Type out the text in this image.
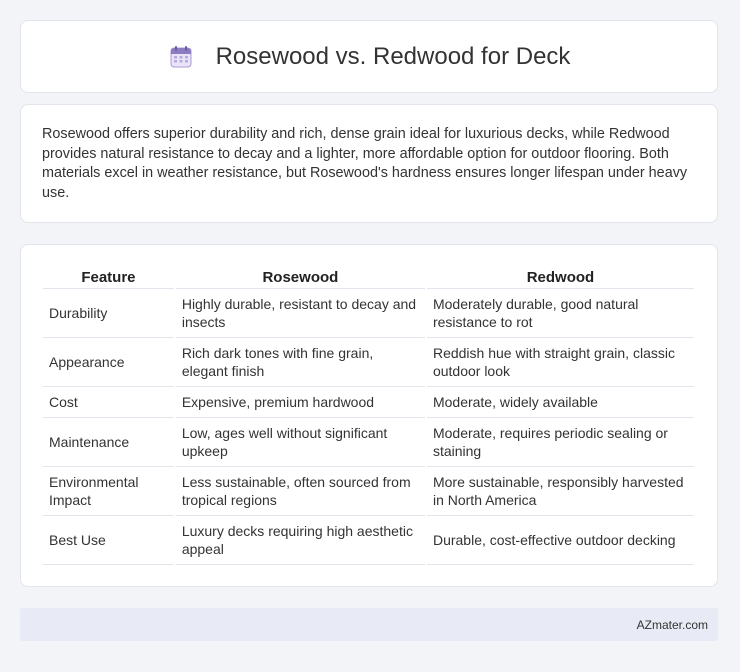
Rosewood vs. Redwood for Deck

Rosewood offers superior durability and rich, dense grain ideal for luxurious decks, while Redwood provides natural resistance to decay and a lighter, more affordable option for outdoor flooring. Both materials excel in weather resistance, but Rosewood's hardness ensures longer lifespan under heavy use.

Feature	Rosewood	Redwood
Durability	Highly durable, resistant to decay and insects	Moderately durable, good natural resistance to rot
Appearance	Rich dark tones with fine grain, elegant finish	Reddish hue with straight grain, classic outdoor look
Cost	Expensive, premium hardwood	Moderate, widely available
Maintenance	Low, ages well without significant upkeep	Moderate, requires periodic sealing or staining
Environmental Impact	Less sustainable, often sourced from tropical regions	More sustainable, responsibly harvested in North America
Best Use	Luxury decks requiring high aesthetic appeal	Durable, cost-effective outdoor decking
AZmater.com
